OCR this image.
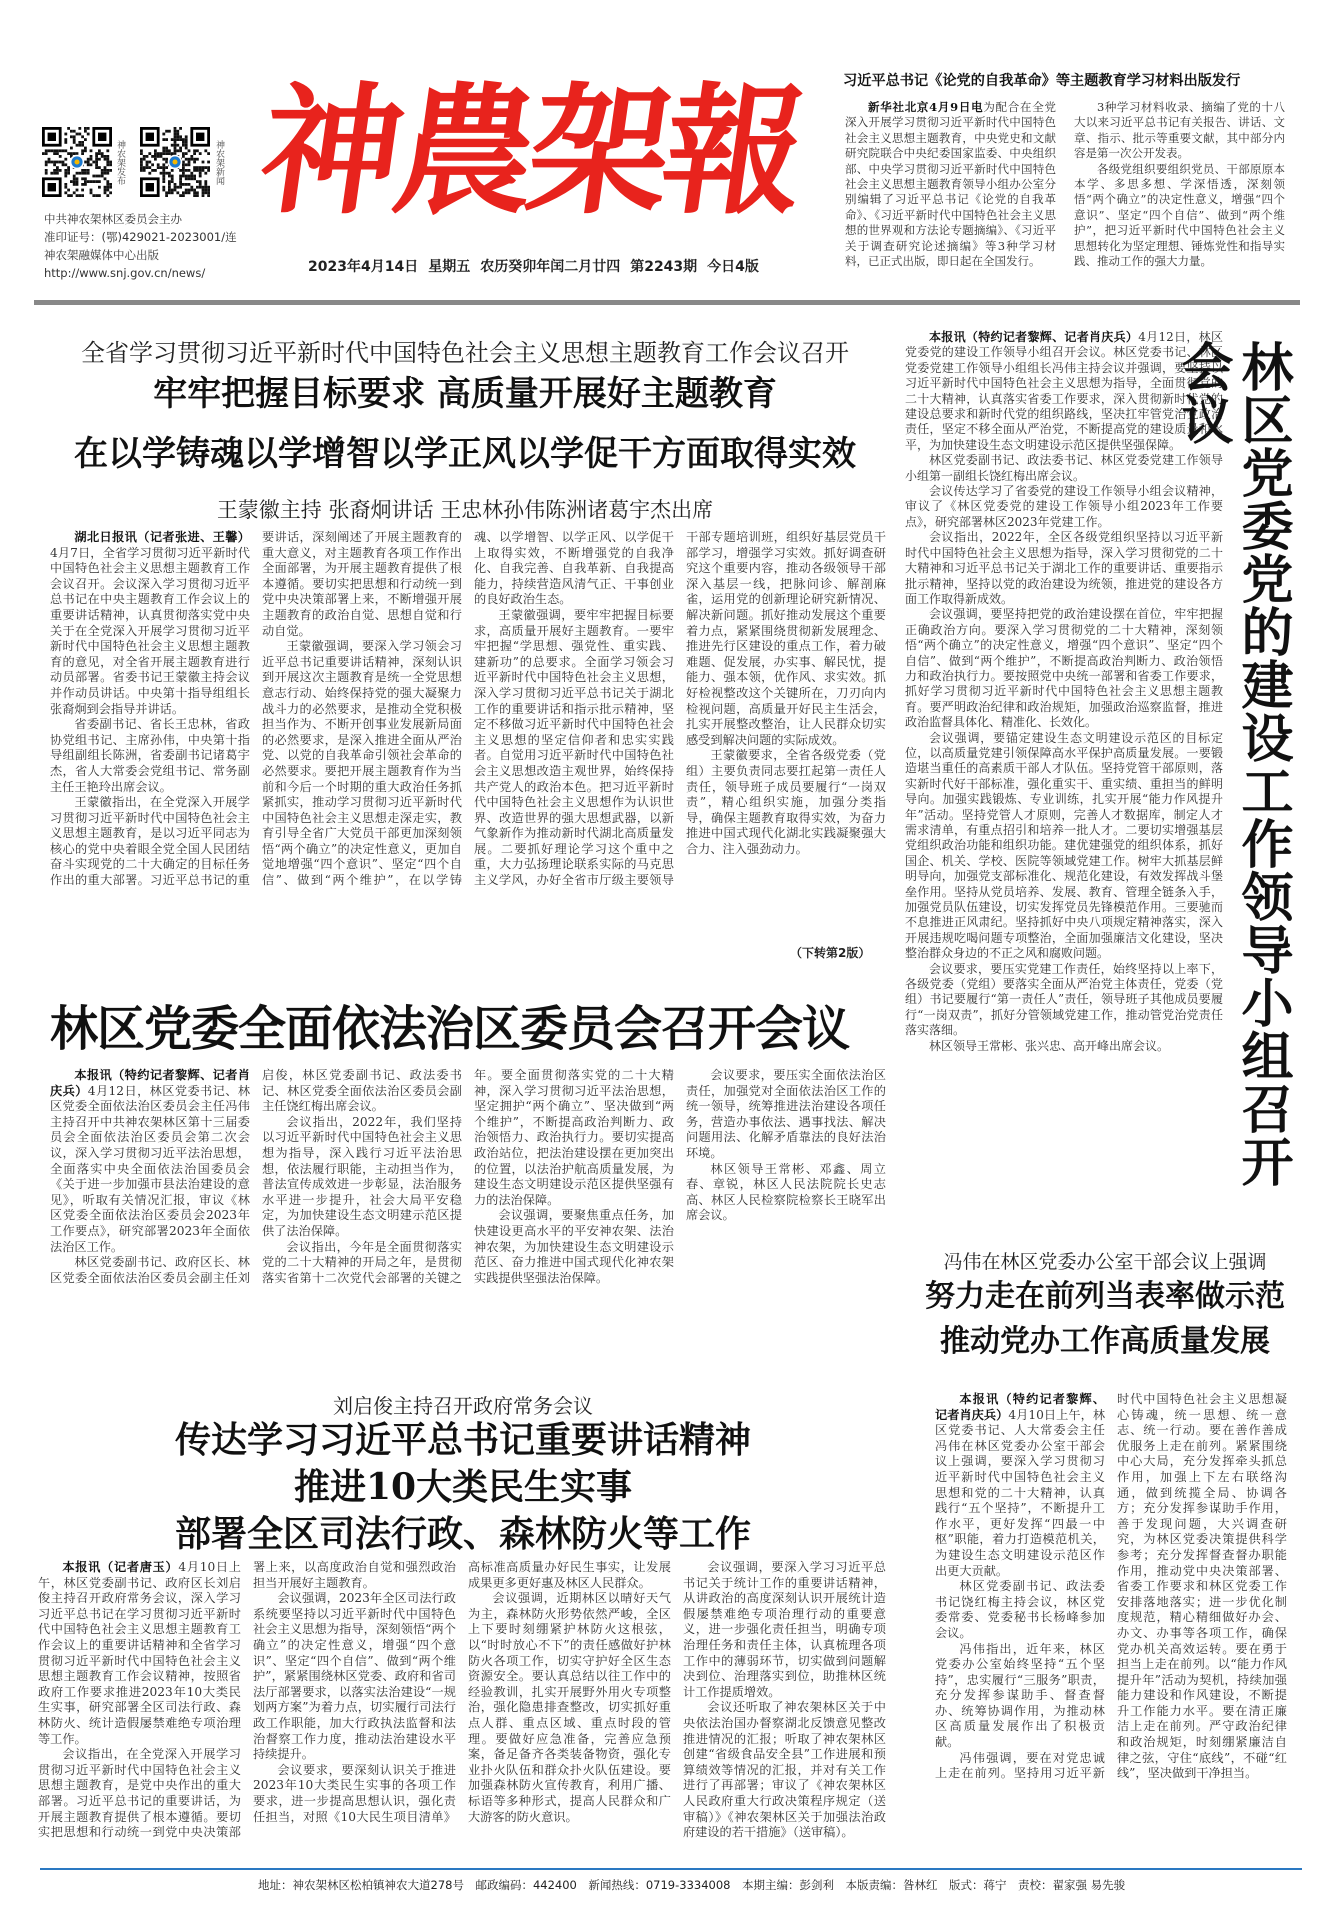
神农架发布	神农架新闻
中共神农架林区委员会主办
准印证号：(鄂)429021-2023001/连
神农架融媒体中心出版
http://www.snj.gov.cn/news/
神農架報
2023年4月14日 星期五 农历癸卯年闰二月廿四 第2243期 今日4版
习近平总书记《论党的自我革命》等主题教育学习材料出版发行

新华社北京4月9日电为配合在全党深入开展学习贯彻习近平新时代中国特色社会主义思想主题教育，中央党史和文献研究院联合中央纪委国家监委、中央组织部、中央学习贯彻习近平新时代中国特色社会主义思想主题教育领导小组办公室分别编辑了习近平总书记《论党的自我革命》、《习近平新时代中国特色社会主义思想的世界观和方法论专题摘编》、《习近平关于调查研究论述摘编》等3种学习材料，已正式出版，即日起在全国发行。

3种学习材料收录、摘编了党的十八大以来习近平总书记有关报告、讲话、文章、指示、批示等重要文献，其中部分内容是第一次公开发表。

各级党组织要组织党员、干部原原本本学、多思多想、学深悟透，深刻领悟“两个确立”的决定性意义，增强“四个意识”、坚定“四个自信”、做到“两个维护”，把习近平新时代中国特色社会主义思想转化为坚定理想、锤炼党性和指导实践、推动工作的强大力量。

全省学习贯彻习近平新时代中国特色社会主义思想主题教育工作会议召开
牢牢把握目标要求 高质量开展好主题教育
在以学铸魂以学增智以学正风以学促干方面取得实效
王蒙徽主持 张裔炯讲话 王忠林孙伟陈洲诸葛宇杰出席

湖北日报讯（记者张进、王馨）4月7日，全省学习贯彻习近平新时代中国特色社会主义思想主题教育工作会议召开。会议深入学习贯彻习近平总书记在中央主题教育工作会议上的重要讲话精神，认真贯彻落实党中央关于在全党深入开展学习贯彻习近平新时代中国特色社会主义思想主题教育的意见，对全省开展主题教育进行动员部署。省委书记王蒙徽主持会议并作动员讲话。中央第十指导组组长张裔炯到会指导并讲话。

省委副书记、省长王忠林，省政协党组书记、主席孙伟，中央第十指导组副组长陈洲，省委副书记诸葛宇杰，省人大常委会党组书记、常务副主任王艳玲出席会议。

王蒙徽指出，在全党深入开展学习贯彻习近平新时代中国特色社会主义思想主题教育，是以习近平同志为核心的党中央着眼全党全国人民团结奋斗实现党的二十大确定的目标任务作出的重大部署。习近平总书记的重要讲话，深刻阐述了开展主题教育的重大意义，对主题教育各项工作作出全面部署，为开展主题教育提供了根本遵循。要切实把思想和行动统一到党中央决策部署上来，不断增强开展主题教育的政治自觉、思想自觉和行动自觉。

王蒙徽强调，要深入学习领会习近平总书记重要讲话精神，深刻认识到开展这次主题教育是统一全党思想意志行动、始终保持党的强大凝聚力战斗力的必然要求，是推动全党积极担当作为、不断开创事业发展新局面的必然要求，是深入推进全面从严治党、以党的自我革命引领社会革命的必然要求。要把开展主题教育作为当前和今后一个时期的重大政治任务抓紧抓实，推动学习贯彻习近平新时代中国特色社会主义思想走深走实，教育引导全省广大党员干部更加深刻领悟“两个确立”的决定性意义，更加自觉地增强“四个意识”、坚定“四个自信”、做到“两个维护”，在以学铸魂、以学增智、以学正风、以学促干上取得实效，不断增强党的自我净化、自我完善、自我革新、自我提高能力，持续营造风清气正、干事创业的良好政治生态。

王蒙徽强调，要牢牢把握目标要求，高质量开展好主题教育。一要牢牢把握“学思想、强党性、重实践、建新功”的总要求。全面学习领会习近平新时代中国特色社会主义思想，深入学习贯彻习近平总书记关于湖北工作的重要讲话和指示批示精神，坚定不移做习近平新时代中国特色社会主义思想的坚定信仰者和忠实实践者。自觉用习近平新时代中国特色社会主义思想改造主观世界，始终保持共产党人的政治本色。把习近平新时代中国特色社会主义思想作为认识世界、改造世界的强大思想武器，以新气象新作为推动新时代湖北高质量发展。二要抓好理论学习这个重中之重，大力弘扬理论联系实际的马克思主义学风，办好全省市厅级主要领导干部专题培训班，组织好基层党员干部学习，增强学习实效。抓好调查研究这个重要内容，推动各级领导干部深入基层一线，把脉问诊、解剖麻雀，运用党的创新理论研究新情况、解决新问题。抓好推动发展这个重要着力点，紧紧围绕贯彻新发展理念、推进先行区建设的重点工作，着力破难题、促发展，办实事、解民忧，提能力、强本领，优作风、求实效。抓好检视整改这个关键所在，刀刃向内检视问题，高质量开好民主生活会，扎实开展整改整治，让人民群众切实感受到解决问题的实际成效。

王蒙徽要求，全省各级党委（党组）主要负责同志要扛起第一责任人责任，领导班子成员要履行“一岗双责”，精心组织实施，加强分类指导，确保主题教育取得实效，为奋力推进中国式现代化湖北实践凝聚强大合力、注入强劲动力。

（下转第2版）
林区党委全面依法治区委员会召开会议

本报讯（特约记者黎辉、记者肖庆兵）4月12日，林区党委书记、林区党委全面依法治区委员会主任冯伟主持召开中共神农架林区第十三届委员会全面依法治区委员会第二次会议，深入学习贯彻习近平法治思想，全面落实中央全面依法治国委员会《关于进一步加强市县法治建设的意见》，听取有关情况汇报，审议《林区党委全面依法治区委员会2023年工作要点》，研究部署2023年全面依法治区工作。

林区党委副书记、政府区长、林区党委全面依法治区委员会副主任刘启俊，林区党委副书记、政法委书记、林区党委全面依法治区委员会副主任饶红梅出席会议。

会议指出，2022年，我们坚持以习近平新时代中国特色社会主义思想为指导，深入践行习近平法治思想，依法履行职能，主动担当作为，普法宣传成效进一步彰显，法治服务水平进一步提升，社会大局平安稳定，为加快建设生态文明建示范区提供了法治保障。

会议指出，今年是全面贯彻落实党的二十大精神的开局之年，是贯彻落实省第十二次党代会部署的关键之年。要全面贯彻落实党的二十大精神，深入学习贯彻习近平法治思想，坚定拥护“两个确立”、坚决做到“两个维护”，不断提高政治判断力、政治领悟力、政治执行力。要切实提高政治站位，把法治建设摆在更加突出的位置，以法治护航高质量发展，为建设生态文明建设示范区提供坚强有力的法治保障。

会议强调，要聚焦重点任务，加快建设更高水平的平安神农架、法治神农架，为加快建设生态文明建设示范区、奋力推进中国式现代化神农架实践提供坚强法治保障。

会议要求，要压实全面依法治区责任，加强党对全面依法治区工作的统一领导，统筹推进法治建设各项任务，营造办事依法、遇事找法、解决问题用法、化解矛盾靠法的良好法治环境。

林区领导王常彬、邓鑫、周立春、章锐，林区人民法院院长史志高、林区人民检察院检察长王晓军出席会议。

本报讯（特约记者黎辉、记者肖庆兵）4月12日，林区党委党的建设工作领导小组召开会议。林区党委书记、林区党委党建工作领导小组组长冯伟主持会议并强调，要坚持以习近平新时代中国特色社会主义思想为指导，全面贯彻党的二十大精神，认真落实省委工作要求，深入贯彻新时代党的建设总要求和新时代党的组织路线，坚决扛牢管党治党政治责任，坚定不移全面从严治党，不断提高党的建设质量和水平，为加快建设生态文明建设示范区提供坚强保障。

林区党委副书记、政法委书记、林区党委党建工作领导小组第一副组长饶红梅出席会议。

会议传达学习了省委党的建设工作领导小组会议精神，审议了《林区党委党的建设工作领导小组2023年工作要点》，研究部署林区2023年党建工作。

会议指出，2022年，全区各级党组织坚持以习近平新时代中国特色社会主义思想为指导，深入学习贯彻党的二十大精神和习近平总书记关于湖北工作的重要讲话、重要指示批示精神，坚持以党的政治建设为统领，推进党的建设各方面工作取得新成效。

会议强调，要坚持把党的政治建设摆在首位，牢牢把握正确政治方向。要深入学习贯彻党的二十大精神，深刻领悟“两个确立”的决定性意义，增强“四个意识”、坚定“四个自信”、做到“两个维护”，不断提高政治判断力、政治领悟力和政治执行力。要按照党中央统一部署和省委工作要求，抓好学习贯彻习近平新时代中国特色社会主义思想主题教育。要严明政治纪律和政治规矩，加强政治巡察监督，推进政治监督具体化、精准化、长效化。

会议强调，要锚定建设生态文明建设示范区的目标定位，以高质量党建引领保障高水平保护高质量发展。一要锻造堪当重任的高素质干部人才队伍。坚持党管干部原则，落实新时代好干部标准，强化重实干、重实绩、重担当的鲜明导向。加强实践锻炼、专业训练，扎实开展“能力作风提升年”活动。坚持党管人才原则，完善人才数据库，制定人才需求清单，有重点招引和培养一批人才。二要切实增强基层党组织政治功能和组织功能。建优建强党的组织体系，抓好国企、机关、学校、医院等领域党建工作。树牢大抓基层鲜明导向，加强党支部标准化、规范化建设，有效发挥战斗堡垒作用。坚持从党员培养、发展、教育、管理全链条入手，加强党员队伍建设，切实发挥党员先锋模范作用。三要驰而不息推进正风肃纪。坚持抓好中央八项规定精神落实，深入开展违规吃喝问题专项整治，全面加强廉洁文化建设，坚决整治群众身边的不正之风和腐败问题。

会议要求，要压实党建工作责任，始终坚持以上率下，各级党委（党组）要落实全面从严治党主体责任，党委（党组）书记要履行“第一责任人”责任，领导班子其他成员要履行“一岗双责”，抓好分管领域党建工作，推动管党治党责任落实落细。

林区领导王常彬、张兴忠、高开峰出席会议。	林区党委党的建设工作领导小组召开会议
冯伟在林区党委办公室干部会议上强调
努力走在前列当表率做示范
推动党办工作高质量发展

本报讯（特约记者黎辉、记者肖庆兵）4月10日上午，林区党委书记、人大常委会主任冯伟在林区党委办公室干部会议上强调，要深入学习贯彻习近平新时代中国特色社会主义思想和党的二十大精神，认真践行“五个坚持”，不断提升工作水平，更好发挥“四最一中枢”职能，着力打造模范机关，为建设生态文明建设示范区作出更大贡献。

林区党委副书记、政法委书记饶红梅主持会议，林区党委常委、党委秘书长杨峰参加会议。

冯伟指出，近年来，林区党委办公室始终坚持“五个坚持”，忠实履行“三服务”职责，充分发挥参谋助手、督查督办、统筹协调作用，为推动林区高质量发展作出了积极贡献。

冯伟强调，要在对党忠诚上走在前列。坚持用习近平新时代中国特色社会主义思想凝心铸魂，统一思想、统一意志、统一行动。要在善作善成优服务上走在前列。紧紧围绕中心大局，充分发挥牵头抓总作用，加强上下左右联络沟通，做到统揽全局、协调各方；充分发挥参谋助手作用，善于发现问题，大兴调查研究，为林区党委决策提供科学参考；充分发挥督查督办职能作用，推动党中央决策部署、省委工作要求和林区党委工作安排落地落实；进一步优化制度规范，精心精细做好办会、办文、办事等各项工作，确保党办机关高效运转。要在勇于担当上走在前列。以“能力作风提升年”活动为契机，持续加强能力建设和作风建设，不断提升工作能力水平。要在清正廉洁上走在前列。严守政治纪律和政治规矩，时刻绷紧廉洁自律之弦，守住“底线”，不碰“红线”，坚决做到干净担当。

刘启俊主持召开政府常务会议
传达学习习近平总书记重要讲话精神
推进10大类民生实事
部署全区司法行政、森林防火等工作

本报讯（记者唐玉）4月10日上午，林区党委副书记、政府区长刘启俊主持召开政府常务会议，深入学习习近平总书记在学习贯彻习近平新时代中国特色社会主义思想主题教育工作会议上的重要讲话精神和全省学习贯彻习近平新时代中国特色社会主义思想主题教育工作会议精神，按照省政府工作要求推进2023年10大类民生实事，研究部署全区司法行政、森林防火、统计造假屡禁难绝专项治理等工作。

会议指出，在全党深入开展学习贯彻习近平新时代中国特色社会主义思想主题教育，是党中央作出的重大部署。习近平总书记的重要讲话，为开展主题教育提供了根本遵循。要切实把思想和行动统一到党中央决策部署上来，以高度政治自觉和强烈政治担当开展好主题教育。

会议强调，2023年全区司法行政系统要坚持以习近平新时代中国特色社会主义思想为指导，深刻领悟“两个确立”的决定性意义，增强“四个意识”、坚定“四个自信”、做到“两个维护”，紧紧围绕林区党委、政府和省司法厅部署要求，以落实法治建设“一规划两方案”为着力点，切实履行司法行政工作职能，加大行政执法监督和法治督察工作力度，推动法治建设水平持续提升。

会议要求，要深刻认识关于推进2023年10大类民生实事的各项工作要求，进一步提高思想认识，强化责任担当，对照《10大民生项目清单》高标准高质量办好民生事实，让发展成果更多更好惠及林区人民群众。

会议强调，近期林区以晴好天气为主，森林防火形势依然严峻，全区上下要时刻绷紧护林防火这根弦，以“时时放心不下”的责任感做好护林防火各项工作，切实守护好全区生态资源安全。要认真总结以往工作中的经验教训，扎实开展野外用火专项整治，强化隐患排查整改，切实抓好重点人群、重点区域、重点时段的管理。要做好应急准备，完善应急预案，备足备齐各类装备物资，强化专业扑火队伍和群众扑火队伍建设。要加强森林防火宣传教育，利用广播、标语等多种形式，提高人民群众和广大游客的防火意识。

会议强调，要深入学习习近平总书记关于统计工作的重要讲话精神，从讲政治的高度深刻认识开展统计造假屡禁难绝专项治理行动的重要意义，进一步强化责任担当，明确专项治理任务和责任主体，认真梳理各项工作中的薄弱环节，切实做到问题解决到位、治理落实到位，助推林区统计工作提质增效。

会议还听取了神农架林区关于中央依法治国办督察湖北反馈意见整改推进情况的汇报；听取了神农架林区创建“省级食品安全县”工作进展和预算绩效等情况的汇报，并对有关工作进行了再部署；审议了《神农架林区人民政府重大行政决策程序规定（送审稿）》《神农架林区关于加强法治政府建设的若干措施》（送审稿）。

地址：神农架林区松柏镇神农大道278号　邮政编码：442400　新闻热线：0719-3334008　本期主编：彭剑利　本版责编：昝林红　版式：蒋宁　责校：翟家强 易先骏
